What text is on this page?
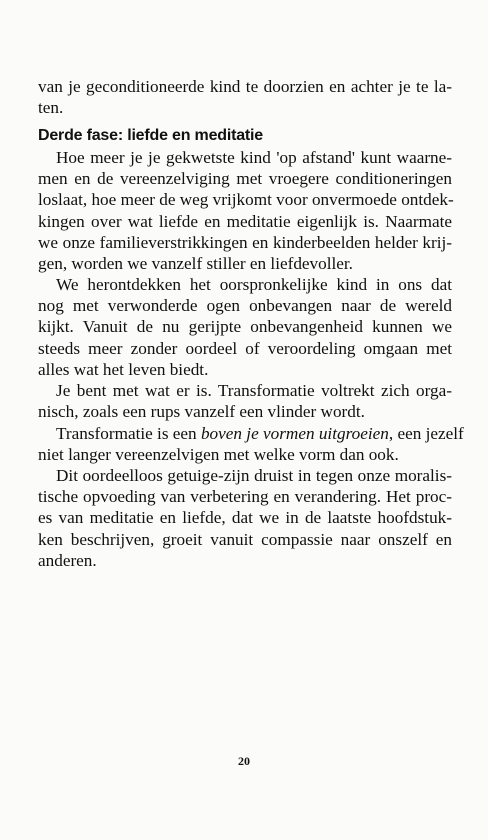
van je geconditioneerde kind te doorzien en achter je te la-
ten.
Derde fase: liefde en meditatie
Hoe meer je je gekwetste kind 'op afstand' kunt waarne-
men en de vereenzelviging met vroegere conditioneringen
loslaat, hoe meer de weg vrijkomt voor onvermoede ontdek-
kingen over wat liefde en meditatie eigenlijk is. Naarmate
we onze familieverstrikkingen en kinderbeelden helder krij-
gen, worden we vanzelf stiller en liefdevoller.
We herontdekken het oorspronkelijke kind in ons dat
nog met verwonderde ogen onbevangen naar de wereld
kijkt. Vanuit de nu gerijpte onbevangenheid kunnen we
steeds meer zonder oordeel of veroordeling omgaan met
alles wat het leven biedt.
Je bent met wat er is. Transformatie voltrekt zich orga-
nisch, zoals een rups vanzelf een vlinder wordt.
Transformatie is een boven je vormen uitgroeien, een jezelf
niet langer vereenzelvigen met welke vorm dan ook.
Dit oordeelloos getuige-zijn druist in tegen onze moralis-
tische opvoeding van verbetering en verandering. Het proc-
es van meditatie en liefde, dat we in de laatste hoofdstuk-
ken beschrijven, groeit vanuit compassie naar onszelf en
anderen.
20
